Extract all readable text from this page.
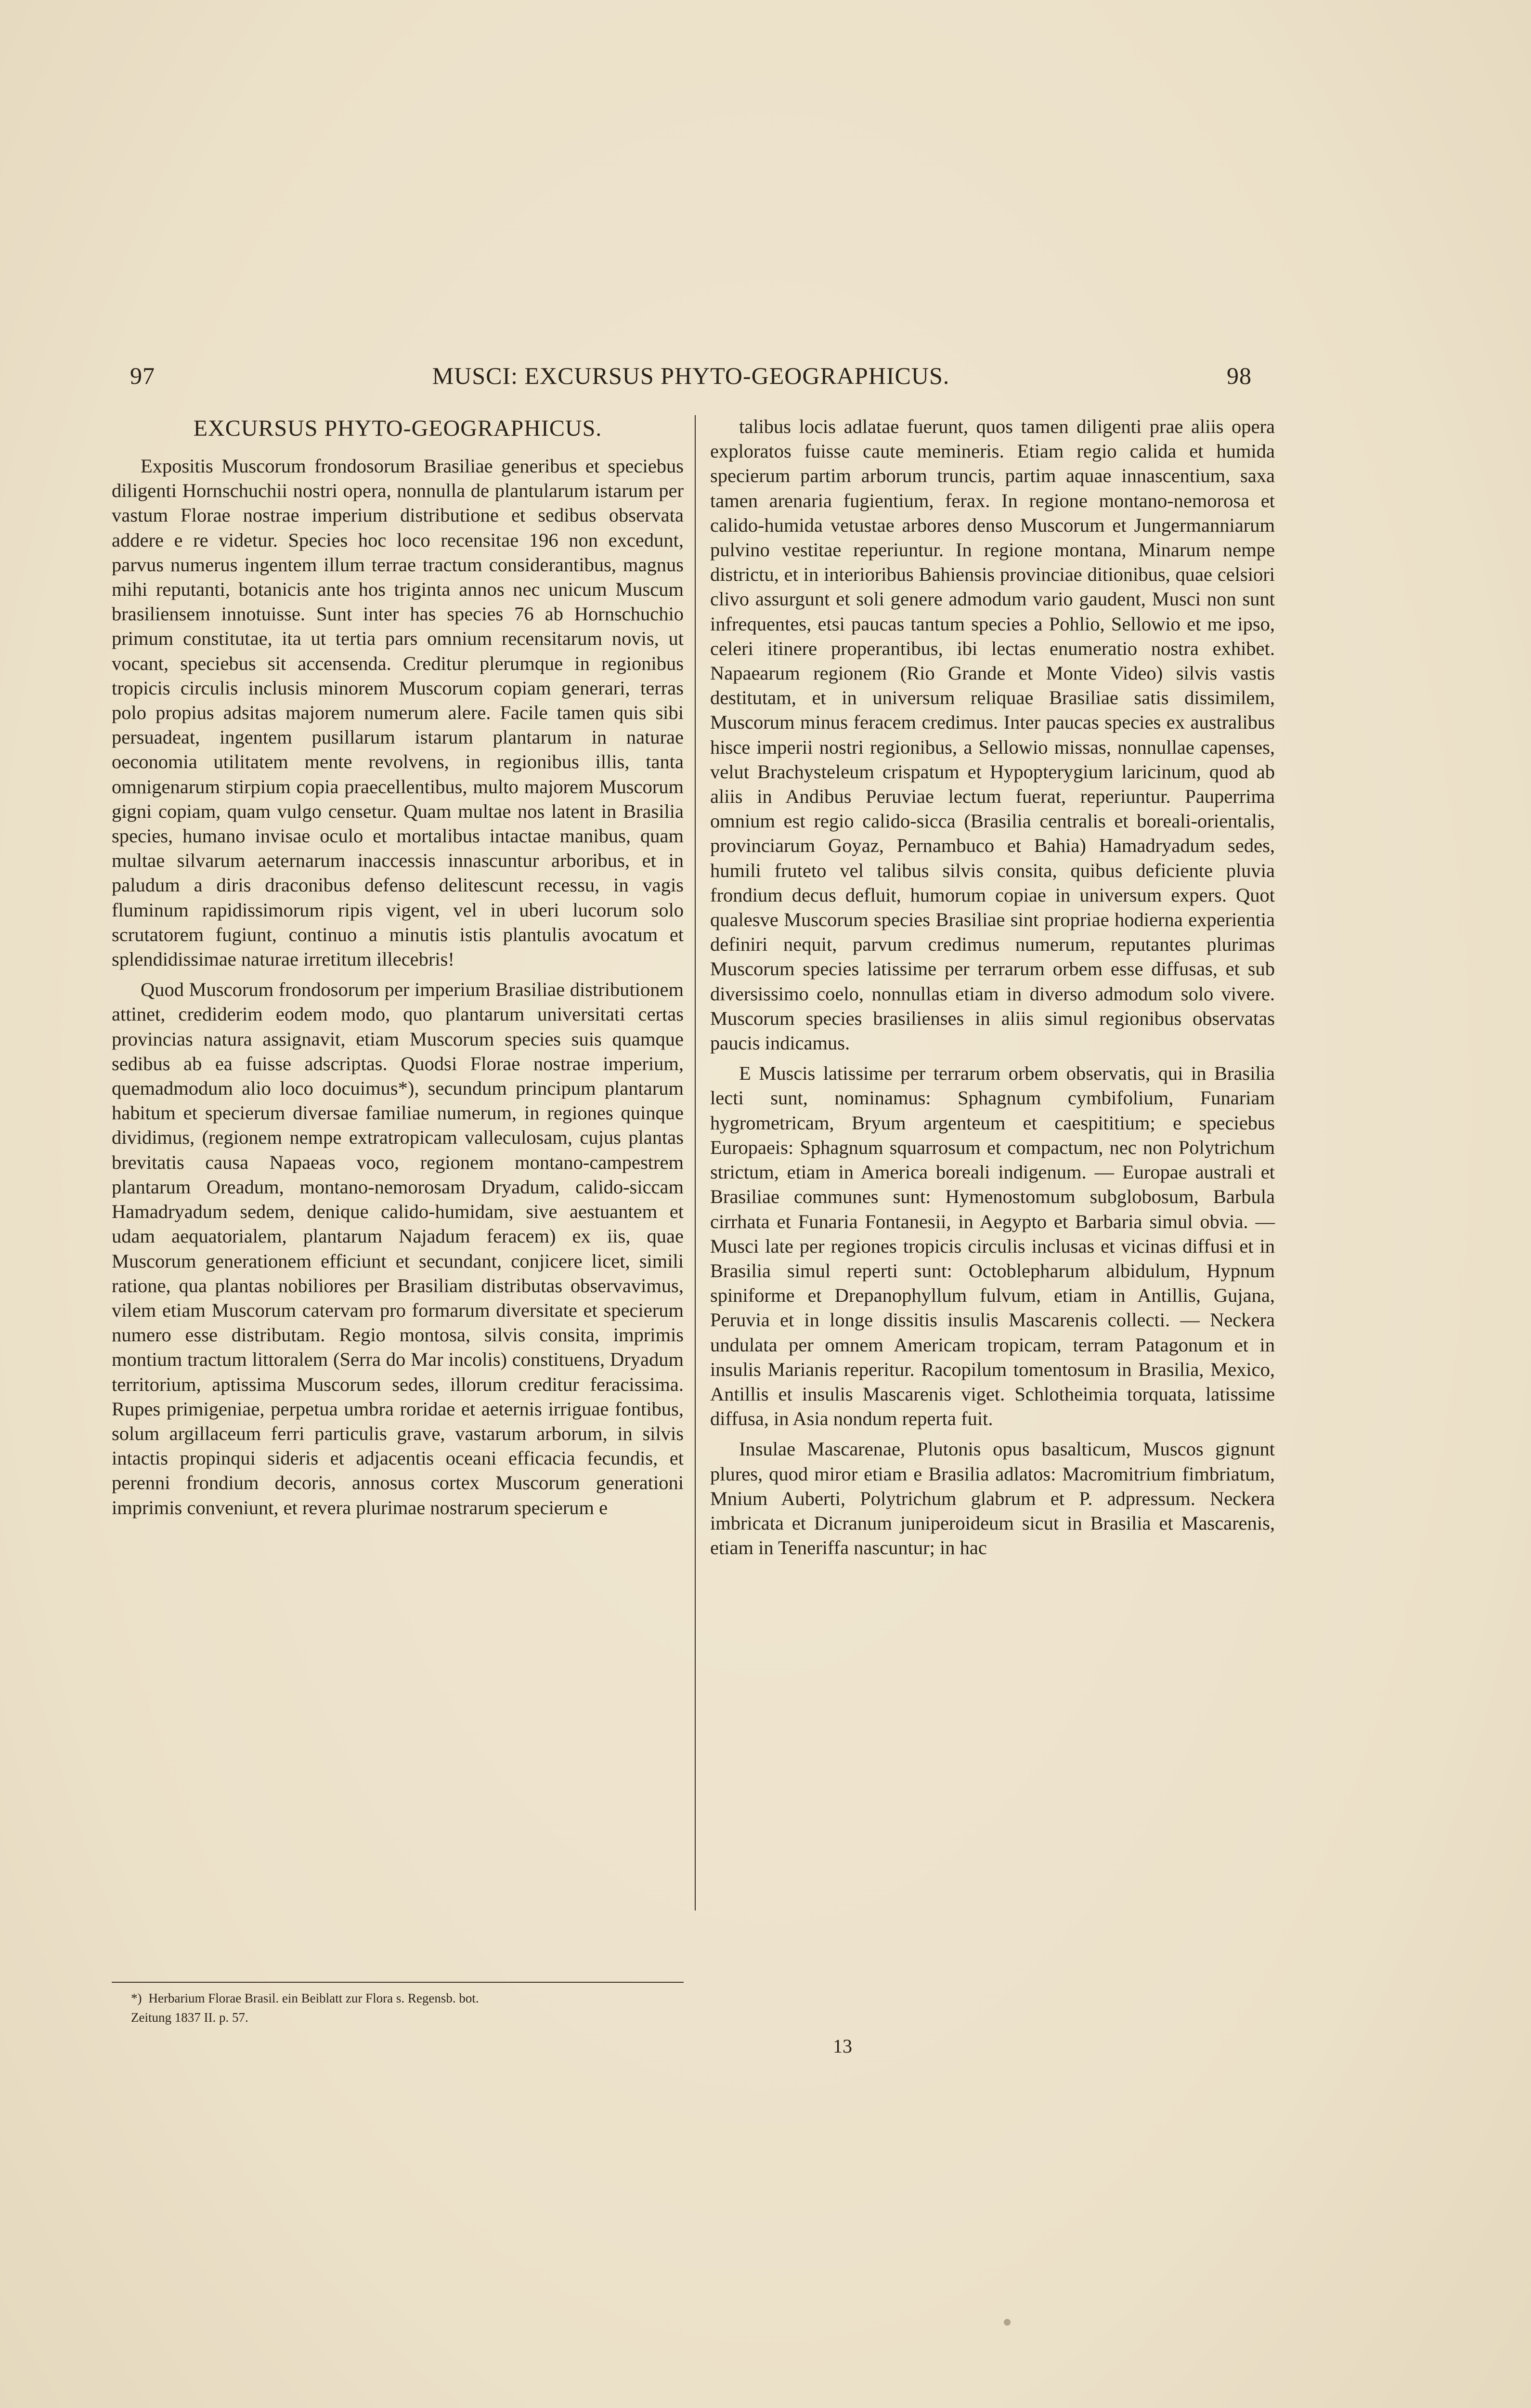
97	MUSCI: EXCURSUS PHYTO-GEOGRAPHICUS.	98
EXCURSUS PHYTO-GEOGRAPHICUS.

Expositis Muscorum frondosorum Brasiliae generibus et speciebus diligenti Hornschuchii nostri opera, nonnulla de plantularum istarum per vastum Florae nostrae imperium distributione et sedibus observata addere e re videtur. Species hoc loco recensitae 196 non excedunt, parvus numerus ingentem illum terrae tractum considerantibus, magnus mihi reputanti, botanicis ante hos triginta annos nec unicum Muscum brasiliensem innotuisse. Sunt inter has species 76 ab Hornschuchio primum constitutae, ita ut tertia pars omnium recensitarum novis, ut vocant, speciebus sit accensenda. Creditur plerumque in regionibus tropicis circulis inclusis minorem Muscorum copiam generari, terras polo propius adsitas majorem numerum alere. Facile tamen quis sibi persuadeat, ingentem pusillarum istarum plantarum in naturae oeconomia utilitatem mente revolvens, in regionibus illis, tanta omnigenarum stirpium copia praecellentibus, multo majorem Muscorum gigni copiam, quam vulgo censetur. Quam multae nos latent in Brasilia species, humano invisae oculo et mortalibus intactae manibus, quam multae silvarum aeternarum inaccessis innascuntur arboribus, et in paludum a diris draconibus defenso delitescunt recessu, in vagis fluminum rapidissimorum ripis vigent, vel in uberi lucorum solo scrutatorem fugiunt, continuo a minutis istis plantulis avocatum et splendidissimae naturae irretitum illecebris!

Quod Muscorum frondosorum per imperium Brasiliae distributionem attinet, crediderim eodem modo, quo plantarum universitati certas provincias natura assignavit, etiam Muscorum species suis quamque sedibus ab ea fuisse adscriptas. Quodsi Florae nostrae imperium, quemadmodum alio loco docuimus*), secundum principum plantarum habitum et specierum diversae familiae numerum, in regiones quinque dividimus, (regionem nempe extratropicam valleculosam, cujus plantas brevitatis causa Napaeas voco, regionem montano-campestrem plantarum Oreadum, montano-nemorosam Dryadum, calido-siccam Hamadryadum sedem, denique calido-humidam, sive aestuantem et udam aequatorialem, plantarum Najadum feracem) ex iis, quae Muscorum generationem efficiunt et secundant, conjicere licet, simili ratione, qua plantas nobiliores per Brasiliam distributas observavimus, vilem etiam Muscorum catervam pro formarum diversitate et specierum numero esse distributam. Regio montosa, silvis consita, imprimis montium tractum littoralem (Serra do Mar incolis) constituens, Dryadum territorium, aptissima Muscorum sedes, illorum creditur feracissima. Rupes primigeniae, perpetua umbra roridae et aeternis irriguae fontibus, solum argillaceum ferri particulis grave, vastarum arborum, in silvis intactis propinqui sideris et adjacentis oceani efficacia fecundis, et perenni frondium decoris, annosus cortex Muscorum generationi imprimis conveniunt, et revera plurimae nostrarum specierum e

talibus locis adlatae fuerunt, quos tamen diligenti prae aliis opera exploratos fuisse caute memineris. Etiam regio calida et humida specierum partim arborum truncis, partim aquae innascentium, saxa tamen arenaria fugientium, ferax. In regione montano-nemorosa et calido-humida vetustae arbores denso Muscorum et Jungermanniarum pulvino vestitae reperiuntur. In regione montana, Minarum nempe districtu, et in interioribus Bahiensis provinciae ditionibus, quae celsiori clivo assurgunt et soli genere admodum vario gaudent, Musci non sunt infrequentes, etsi paucas tantum species a Pohlio, Sellowio et me ipso, celeri itinere properantibus, ibi lectas enumeratio nostra exhibet. Napaearum regionem (Rio Grande et Monte Video) silvis vastis destitutam, et in universum reliquae Brasiliae satis dissimilem, Muscorum minus feracem credimus. Inter paucas species ex australibus hisce imperii nostri regionibus, a Sellowio missas, nonnullae capenses, velut Brachysteleum crispatum et Hypopterygium laricinum, quod ab aliis in Andibus Peruviae lectum fuerat, reperiuntur. Pauperrima omnium est regio calido-sicca (Brasilia centralis et boreali-orientalis, provinciarum Goyaz, Pernambuco et Bahia) Hamadryadum sedes, humili fruteto vel talibus silvis consita, quibus deficiente pluvia frondium decus defluit, humorum copiae in universum expers. Quot qualesve Muscorum species Brasiliae sint propriae hodierna experientia definiri nequit, parvum credimus numerum, reputantes plurimas Muscorum species latissime per terrarum orbem esse diffusas, et sub diversissimo coelo, nonnullas etiam in diverso admodum solo vivere. Muscorum species brasilienses in aliis simul regionibus observatas paucis indicamus.

E Muscis latissime per terrarum orbem observatis, qui in Brasilia lecti sunt, nominamus: Sphagnum cymbifolium, Funariam hygrometricam, Bryum argenteum et caespititium; e speciebus Europaeis: Sphagnum squarrosum et compactum, nec non Polytrichum strictum, etiam in America boreali indigenum. — Europae australi et Brasiliae communes sunt: Hymenostomum subglobosum, Barbula cirrhata et Funaria Fontanesii, in Aegypto et Barbaria simul obvia. — Musci late per regiones tropicis circulis inclusas et vicinas diffusi et in Brasilia simul reperti sunt: Octoblepharum albidulum, Hypnum spiniforme et Drepanophyllum fulvum, etiam in Antillis, Gujana, Peruvia et in longe dissitis insulis Mascarenis collecti. — Neckera undulata per omnem Americam tropicam, terram Patagonum et in insulis Marianis reperitur. Racopilum tomentosum in Brasilia, Mexico, Antillis et insulis Mascarenis viget. Schlotheimia torquata, latissime diffusa, in Asia nondum reperta fuit.

Insulae Mascarenae, Plutonis opus basalticum, Muscos gignunt plures, quod miror etiam e Brasilia adlatos: Macromitrium fimbriatum, Mnium Auberti, Polytrichum glabrum et P. adpressum. Neckera imbricata et Dicranum juniperoideum sicut in Brasilia et Mascarenis, etiam in Teneriffa nascuntur; in hac

*) Herbarium Florae Brasil. ein Beiblatt zur Flora s. Regensb. bot.

Zeitung 1837 II. p. 57.

13
